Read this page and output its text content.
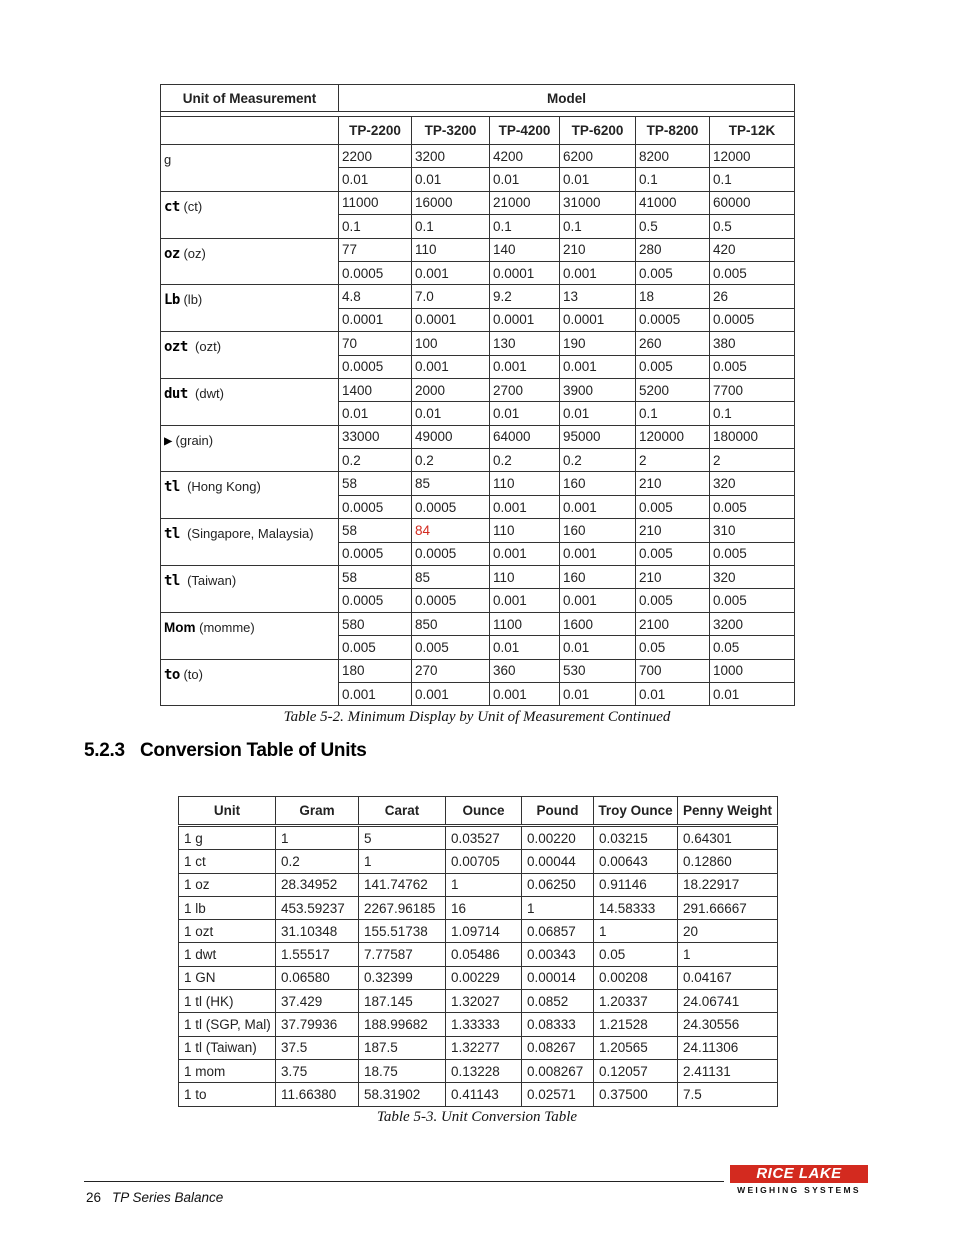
Unit of Measurement	Model					

	TP-2200	TP-3200	TP-4200	TP-6200	TP-8200	TP-12K
g	2200	3200	4200	6200	8200	12000
	0.01	0.01	0.01	0.01	0.1	0.1
ct (ct)	11000	16000	21000	31000	41000	60000
	0.1	0.1	0.1	0.1	0.5	0.5
oz (oz)	77	110	140	210	280	420
	0.0005	0.001	0.0001	0.001	0.005	0.005
Lb (lb)	4.8	7.0	9.2	13	18	26
	0.0001	0.0001	0.0001	0.0001	0.0005	0.0005
ozt  (ozt)	70	100	130	190	260	380
	0.0005	0.001	0.001	0.001	0.005	0.005
dut  (dwt)	1400	2000	2700	3900	5200	7700
	0.01	0.01	0.01	0.01	0.1	0.1
▶ (grain)	33000	49000	64000	95000	120000	180000
	0.2	0.2	0.2	0.2	2	2
tl  (Hong Kong)	58	85	110	160	210	320
	0.0005	0.0005	0.001	0.001	0.005	0.005
tl  (Singapore, Malaysia)	58	84	110	160	210	310
	0.0005	0.0005	0.001	0.001	0.005	0.005
tl  (Taiwan)	58	85	110	160	210	320
	0.0005	0.0005	0.001	0.001	0.005	0.005
Mom (momme)	580	850	1100	1600	2100	3200
	0.005	0.005	0.01	0.01	0.05	0.05
to (to)	180	270	360	530	700	1000
	0.001	0.001	0.001	0.01	0.01	0.01
Table 5-2. Minimum Display by Unit of Measurement Continued
5.2.3 Conversion Table of Units
Unit	Gram	Carat	Ounce	Pound	Troy Ounce	Penny Weight
1 g	1	5	0.03527	0.00220	0.03215	0.64301
1 ct	0.2	1	0.00705	0.00044	0.00643	0.12860
1 oz	28.34952	141.74762	1	0.06250	0.91146	18.22917
1 lb	453.59237	2267.96185	16	1	14.58333	291.66667
1 ozt	31.10348	155.51738	1.09714	0.06857	1	20
1 dwt	1.55517	7.77587	0.05486	0.00343	0.05	1
1 GN	0.06580	0.32399	0.00229	0.00014	0.00208	0.04167
1 tl (HK)	37.429	187.145	1.32027	0.0852	1.20337	24.06741
1 tl (SGP, Mal)	37.79936	188.99682	1.33333	0.08333	1.21528	24.30556
1 tl (Taiwan)	37.5	187.5	1.32277	0.08267	1.20565	24.11306
1 mom	3.75	18.75	0.13228	0.008267	0.12057	2.41131
1 to	11.66380	58.31902	0.41143	0.02571	0.37500	7.5
Table 5-3. Unit Conversion Table
26 TP Series Balance
RICE LAKE
WEIGHING SYSTEMS
